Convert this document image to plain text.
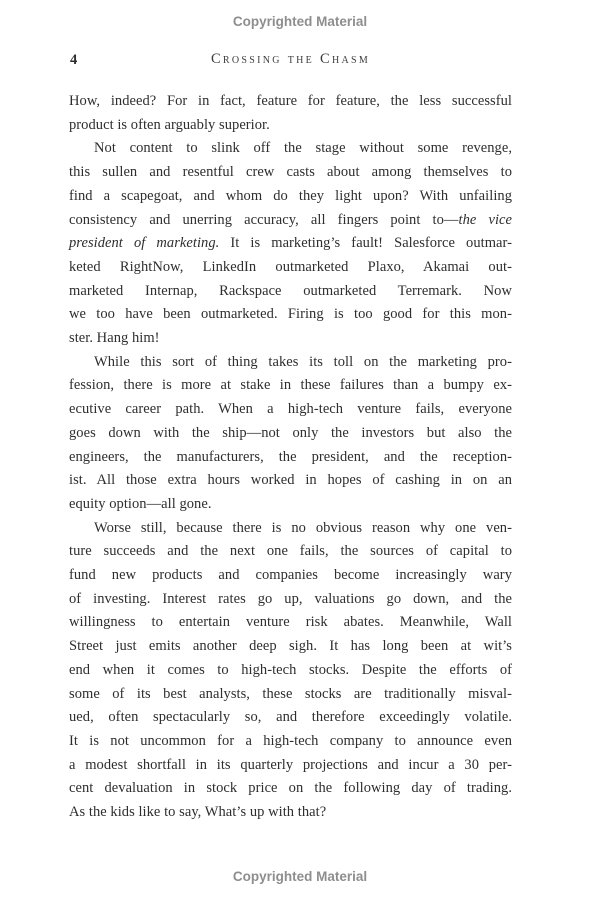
Copyrighted Material
4	Crossing the Chasm
How, indeed? For in fact, feature for feature, the less successful
product is often arguably superior.
Not content to slink off the stage without some revenge,
this sullen and resentful crew casts about among themselves to
find a scapegoat, and whom do they light upon? With unfailing
consistency and unerring accuracy, all fingers point to—the vice
president of marketing. It is marketing’s fault! Salesforce outmar-
keted RightNow, LinkedIn outmarketed Plaxo, Akamai out-
marketed Internap, Rackspace outmarketed Terremark. Now
we too have been outmarketed. Firing is too good for this mon-
ster. Hang him!
While this sort of thing takes its toll on the marketing pro-
fession, there is more at stake in these failures than a bumpy ex-
ecutive career path. When a high-tech venture fails, everyone
goes down with the ship—not only the investors but also the
engineers, the manufacturers, the president, and the reception-
ist. All those extra hours worked in hopes of cashing in on an
equity option—all gone.
Worse still, because there is no obvious reason why one ven-
ture succeeds and the next one fails, the sources of capital to
fund new products and companies become increasingly wary
of investing. Interest rates go up, valuations go down, and the
willingness to entertain venture risk abates. Meanwhile, Wall
Street just emits another deep sigh. It has long been at wit’s
end when it comes to high-tech stocks. Despite the efforts of
some of its best analysts, these stocks are traditionally misval-
ued, often spectacularly so, and therefore exceedingly volatile.
It is not uncommon for a high-tech company to announce even
a modest shortfall in its quarterly projections and incur a 30 per-
cent devaluation in stock price on the following day of trading.
As the kids like to say, What’s up with that?
Copyrighted Material
